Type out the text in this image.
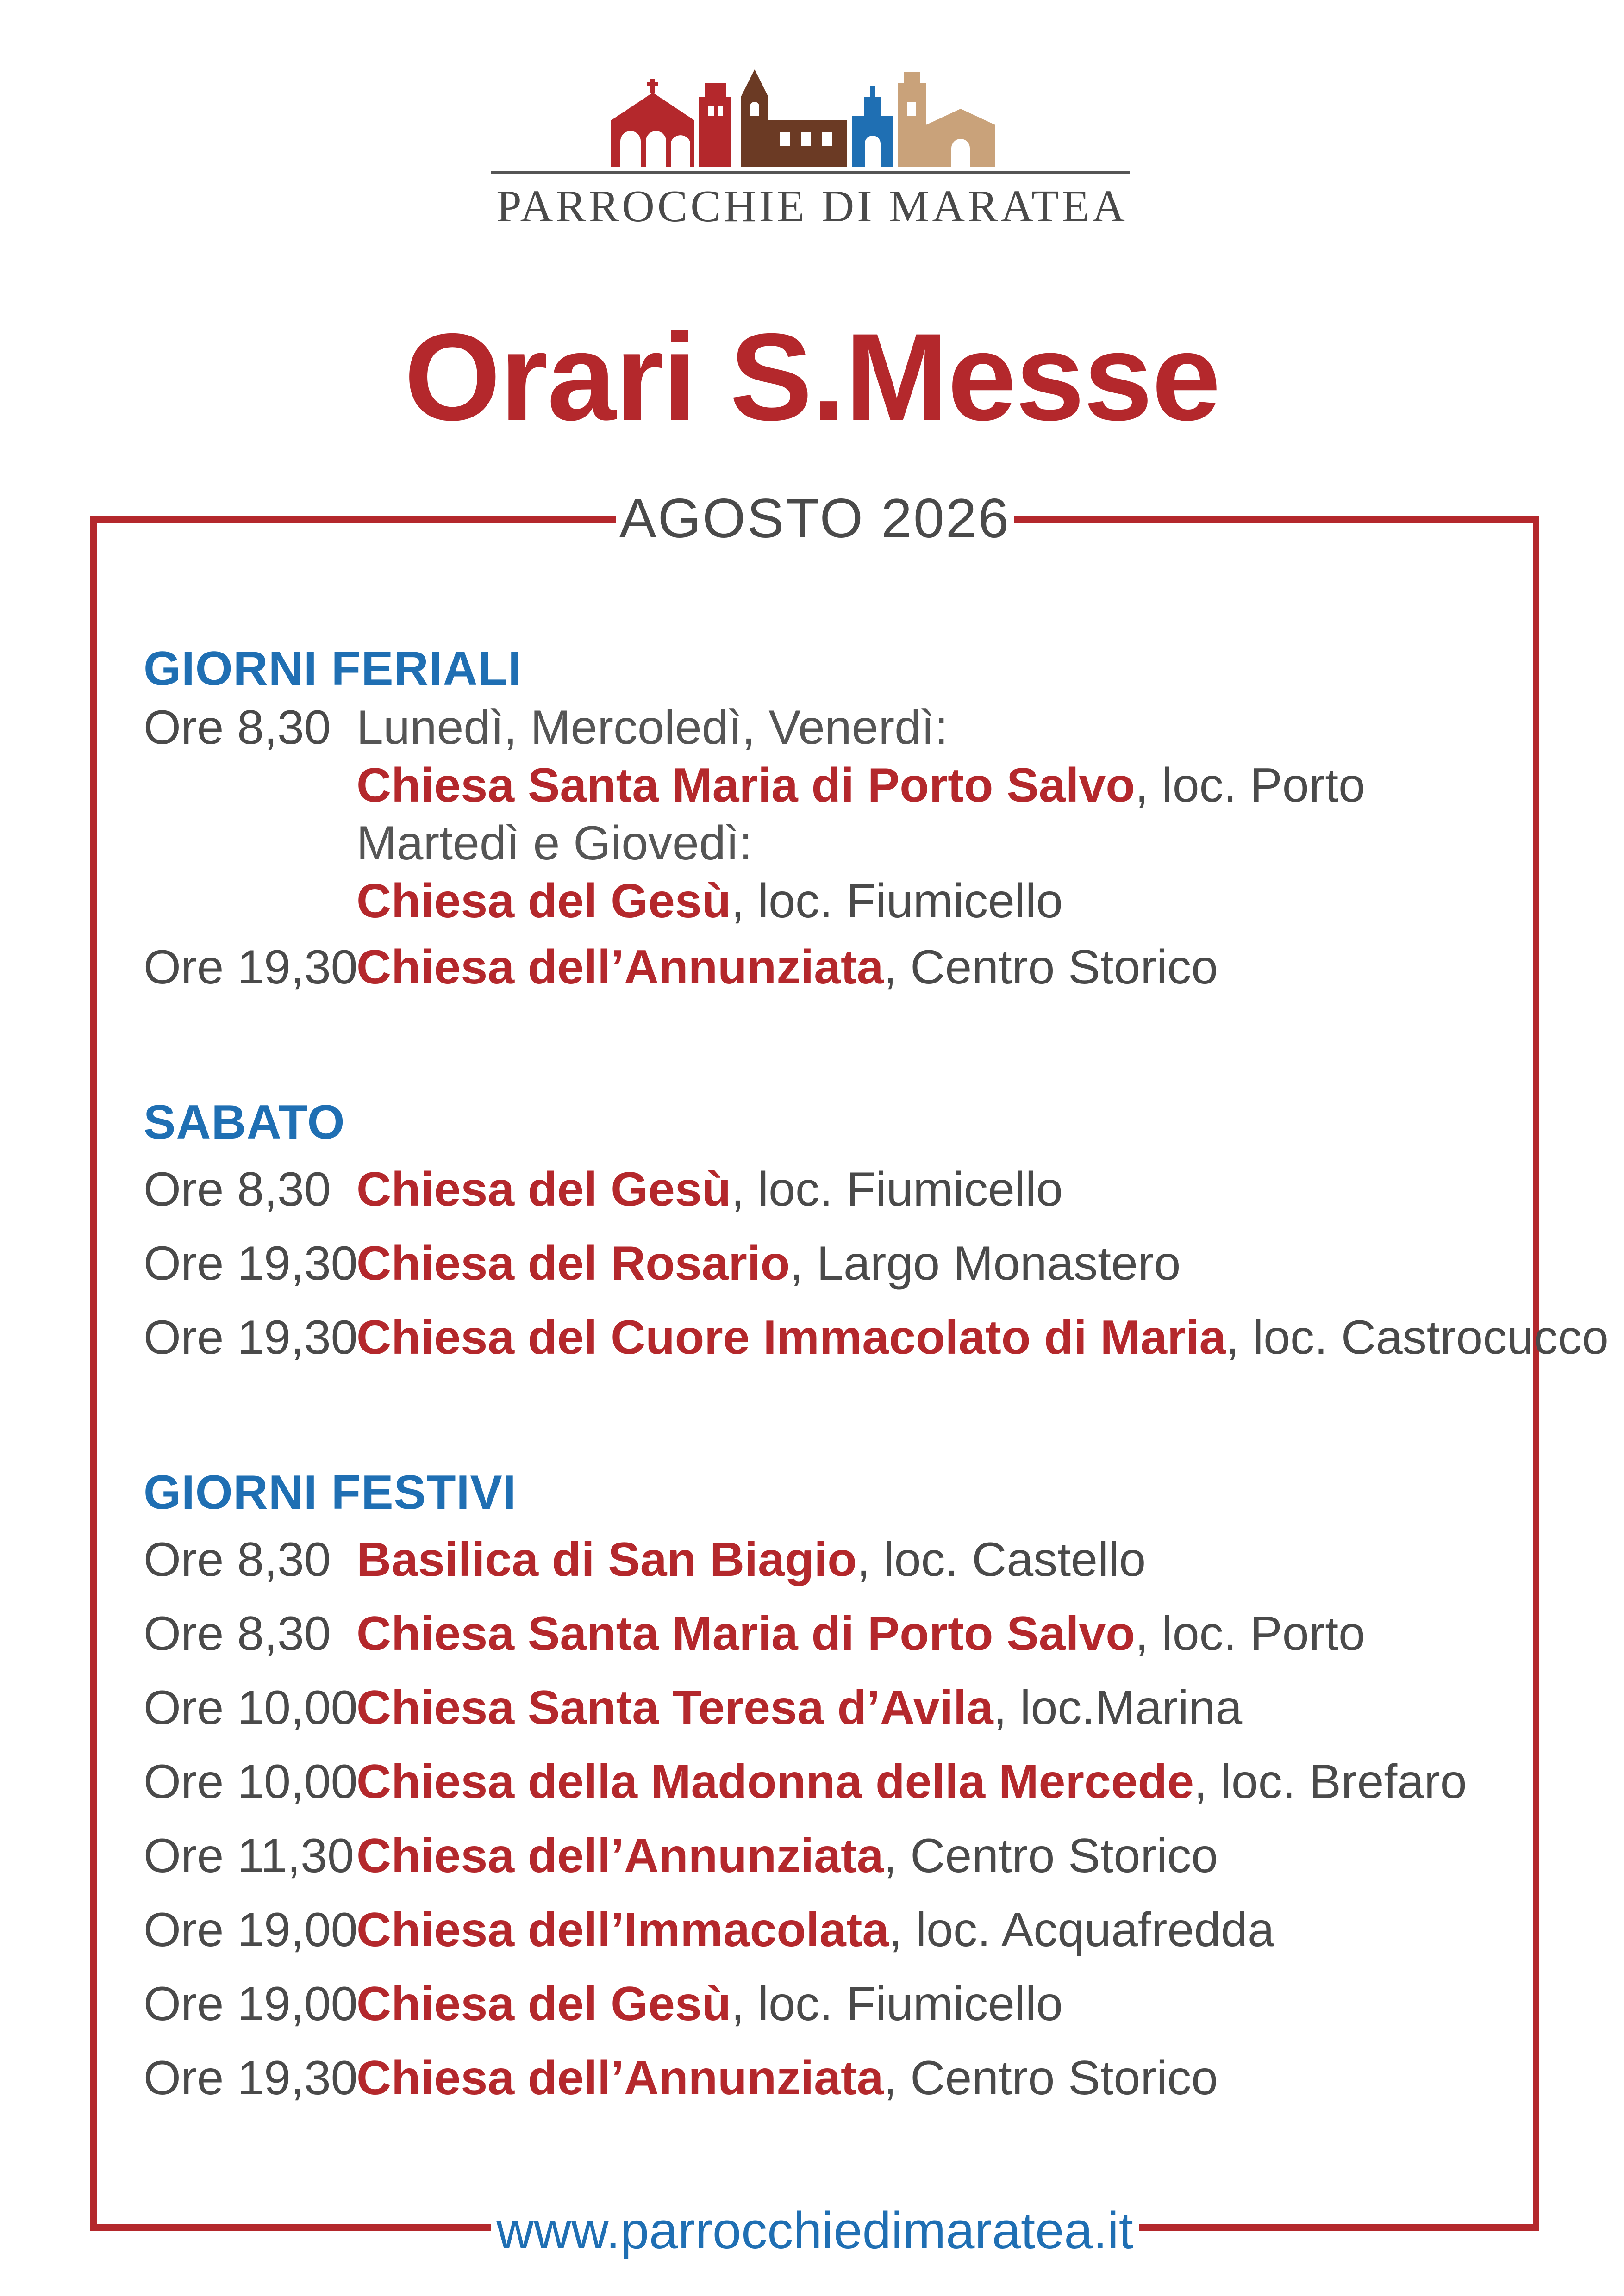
PARROCCHIE DI MARATEA
Orari S.Messe
AGOSTO 2026
GIORNI FERIALI
Ore 8,30 Lunedì, Mercoledì, Venerdì:
Chiesa Santa Maria di Porto Salvo, loc. Porto
Martedì e Giovedì:
Chiesa del Gesù, loc. Fiumicello
Ore 19,30
Chiesa dell’Annunziata, Centro Storico
SABATO
Ore 8,30 Chiesa del Gesù, loc. Fiumicello
Ore 19,30
Chiesa del Rosario, Largo Monastero
Ore 19,30
Chiesa del Cuore Immacolato di Maria, loc. Castrocucco
GIORNI FESTIVI
Ore 8,30 Basilica di San Biagio, loc. Castello
Ore 8,30 Chiesa Santa Maria di Porto Salvo, loc. Porto
Ore 10,00
Chiesa Santa Teresa d’Avila, loc.Marina
Ore 10,00
Chiesa della Madonna della Mercede, loc. Brefaro
Ore 11,30 Chiesa dell’Annunziata, Centro Storico
Ore 19,00
Chiesa dell’Immacolata, loc. Acquafredda
Ore 19,00
Chiesa del Gesù, loc. Fiumicello
Ore 19,30
Chiesa dell’Annunziata, Centro Storico
www.parrocchiedimaratea.it
